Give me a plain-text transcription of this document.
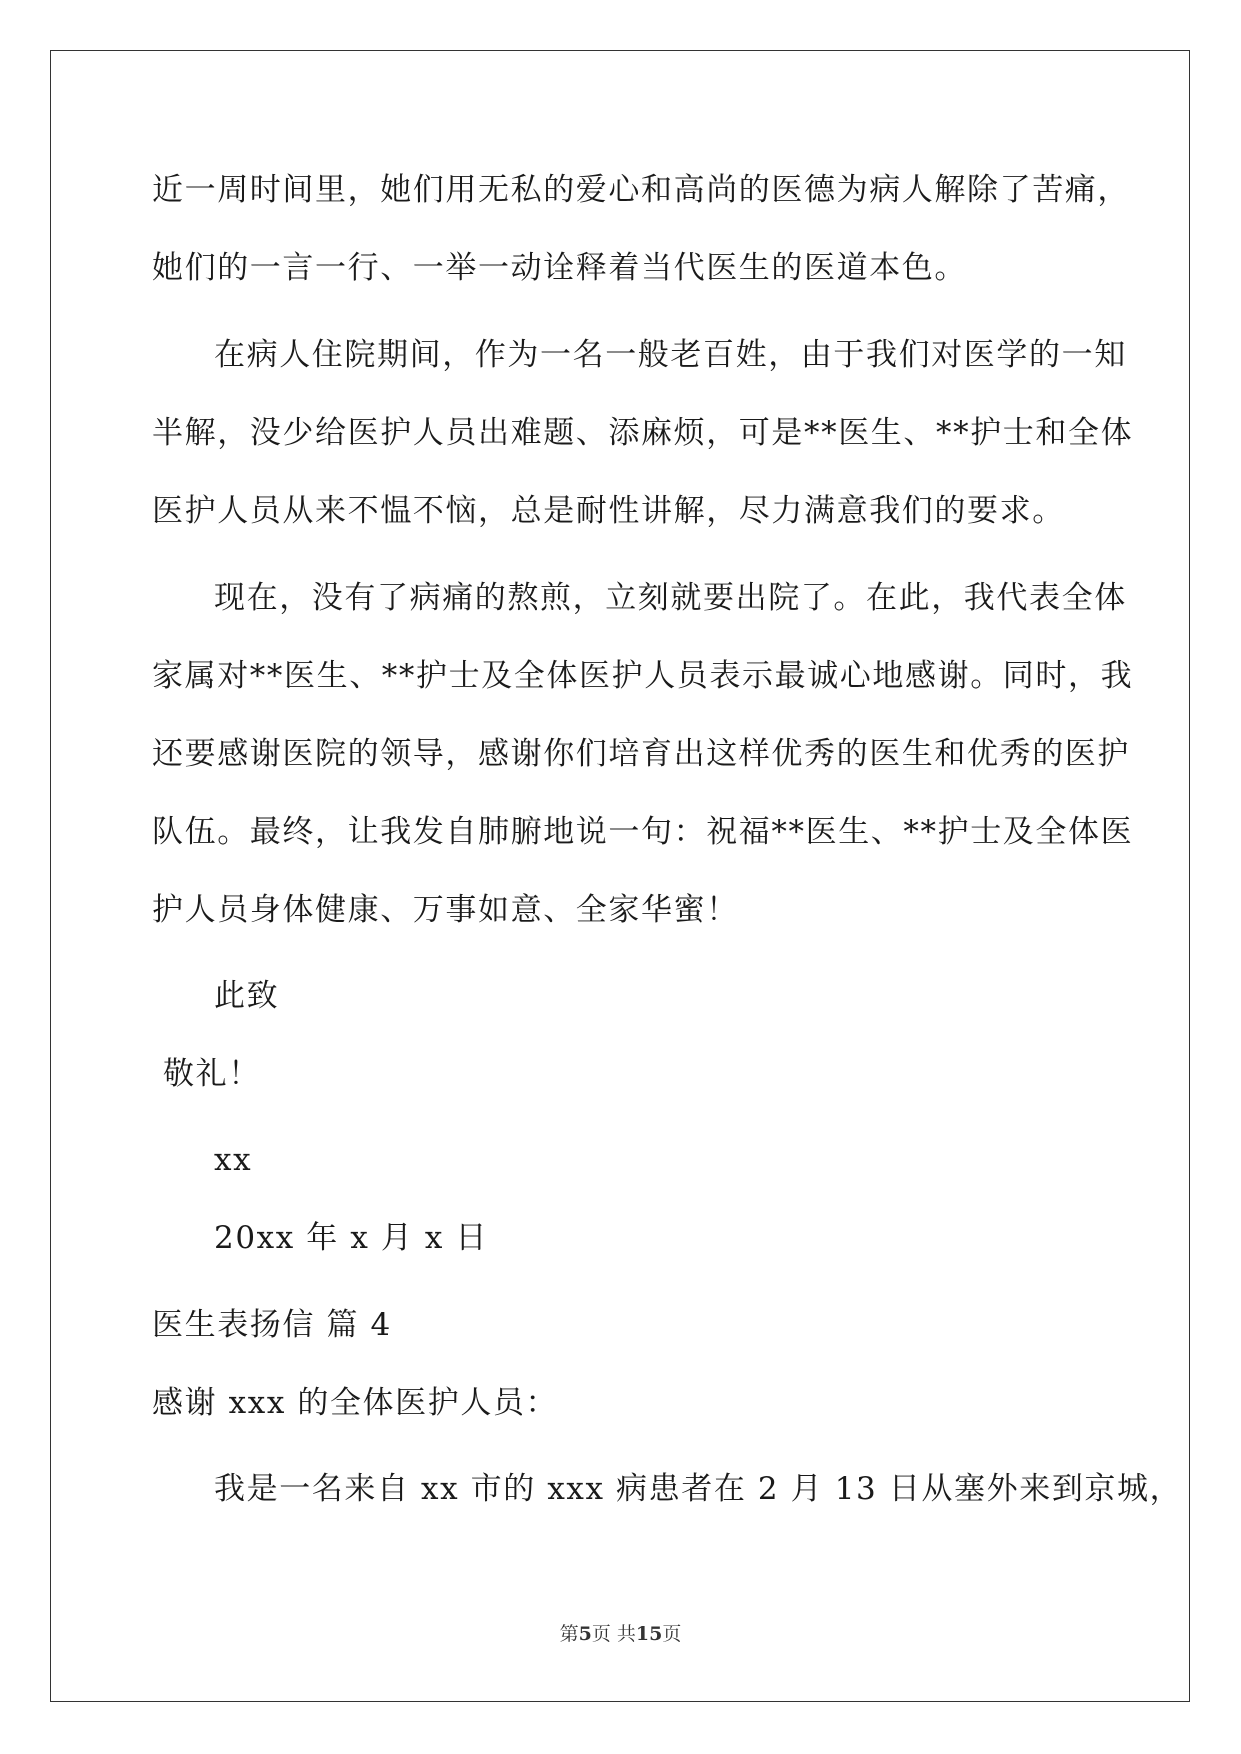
近一周时间里，她们用无私的爱心和高尚的医德为病人解除了苦痛，
她们的一言一行、一举一动诠释着当代医生的医道本色。
在病人住院期间，作为一名一般老百姓，由于我们对医学的一知
半解，没少给医护人员出难题、添麻烦，可是**医生、**护士和全体
医护人员从来不愠不恼，总是耐性讲解，尽力满意我们的要求。
现在，没有了病痛的熬煎，立刻就要出院了。在此，我代表全体
家属对**医生、**护士及全体医护人员表示最诚心地感谢。同时，我
还要感谢医院的领导，感谢你们培育出这样优秀的医生和优秀的医护
队伍。最终，让我发自肺腑地说一句：祝福**医生、**护士及全体医
护人员身体健康、万事如意、全家华蜜！
此致
敬礼！
xx
20xx 年 x 月 x 日
医生表扬信 篇 4
感谢 xxx 的全体医护人员：
我是一名来自 xx 市的 xxx 病患者在 2 月 13 日从塞外来到京城，
第5页 共15页
